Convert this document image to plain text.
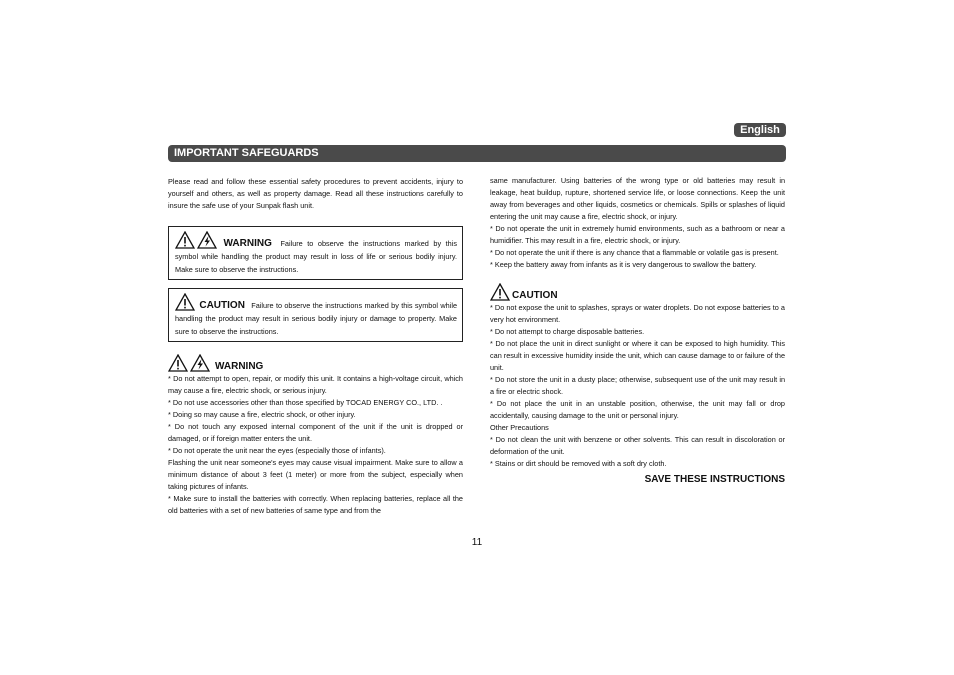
English
IMPORTANT SAFEGUARDS

Please read and follow these essential safety procedures to prevent accidents, injury to yourself and others, as well as property damage. Read all these instructions carefully to insure the safe use of your Sunpak flash unit.

WARNING Failure to observe the instructions marked by this symbol while handling the product may result in loss of life or serious bodily injury. Make sure to observe the instructions.

CAUTION Failure to observe the instructions marked by this symbol while handling the product may result in serious bodily injury or damage to property. Make sure to observe the instructions.

WARNING

* Do not attempt to open, repair, or modify this unit. It contains a high-voltage circuit, which may cause a fire, electric shock, or serious injury.

* Do not use accessories other than those specified by TOCAD ENERGY CO., LTD. .

* Doing so may cause a fire, electric shock, or other injury.

* Do not touch any exposed internal component of the unit if the unit is dropped or damaged, or if foreign matter enters the unit.

* Do not operate the unit near the eyes (especially those of infants).

Flashing the unit near someone's eyes may cause visual impairment. Make sure to allow a minimum distance of about 3 feet (1 meter) or more from the subject, especially when taking pictures of infants.

* Make sure to install the batteries with correctly. When replacing batteries, replace all the old batteries with a set of new batteries of same type and from the

same manufacturer. Using batteries of the wrong type or old batteries may result in leakage, heat buildup, rupture, shortened service life, or loose connections. Keep the unit away from beverages and other liquids, cosmetics or chemicals. Spills or splashes of liquid entering the unit may cause a fire, electric shock, or injury.

* Do not operate the unit in extremely humid environments, such as a bathroom or near a humidifier. This may result in a fire, electric shock, or injury.

* Do not operate the unit if there is any chance that a flammable or volatile gas is present.

* Keep the battery away from infants as it is very dangerous to swallow the battery.

CAUTION

* Do not expose the unit to splashes, sprays or water droplets. Do not expose batteries to a very hot environment.

* Do not attempt to charge disposable batteries.

* Do not place the unit in direct sunlight or where it can be exposed to high humidity. This can result in excessive humidity inside the unit, which can cause damage to or failure of the unit.

* Do not store the unit in a dusty place; otherwise, subsequent use of the unit may result in a fire or electric shock.

* Do not place the unit in an unstable position, otherwise, the unit may fall or drop accidentally, causing damage to the unit or personal injury.

Other Precautions

* Do not clean the unit with benzene or other solvents. This can result in discoloration or deformation of the unit.

* Stains or dirt should be removed with a soft dry cloth.

SAVE THESE INSTRUCTIONS
11
